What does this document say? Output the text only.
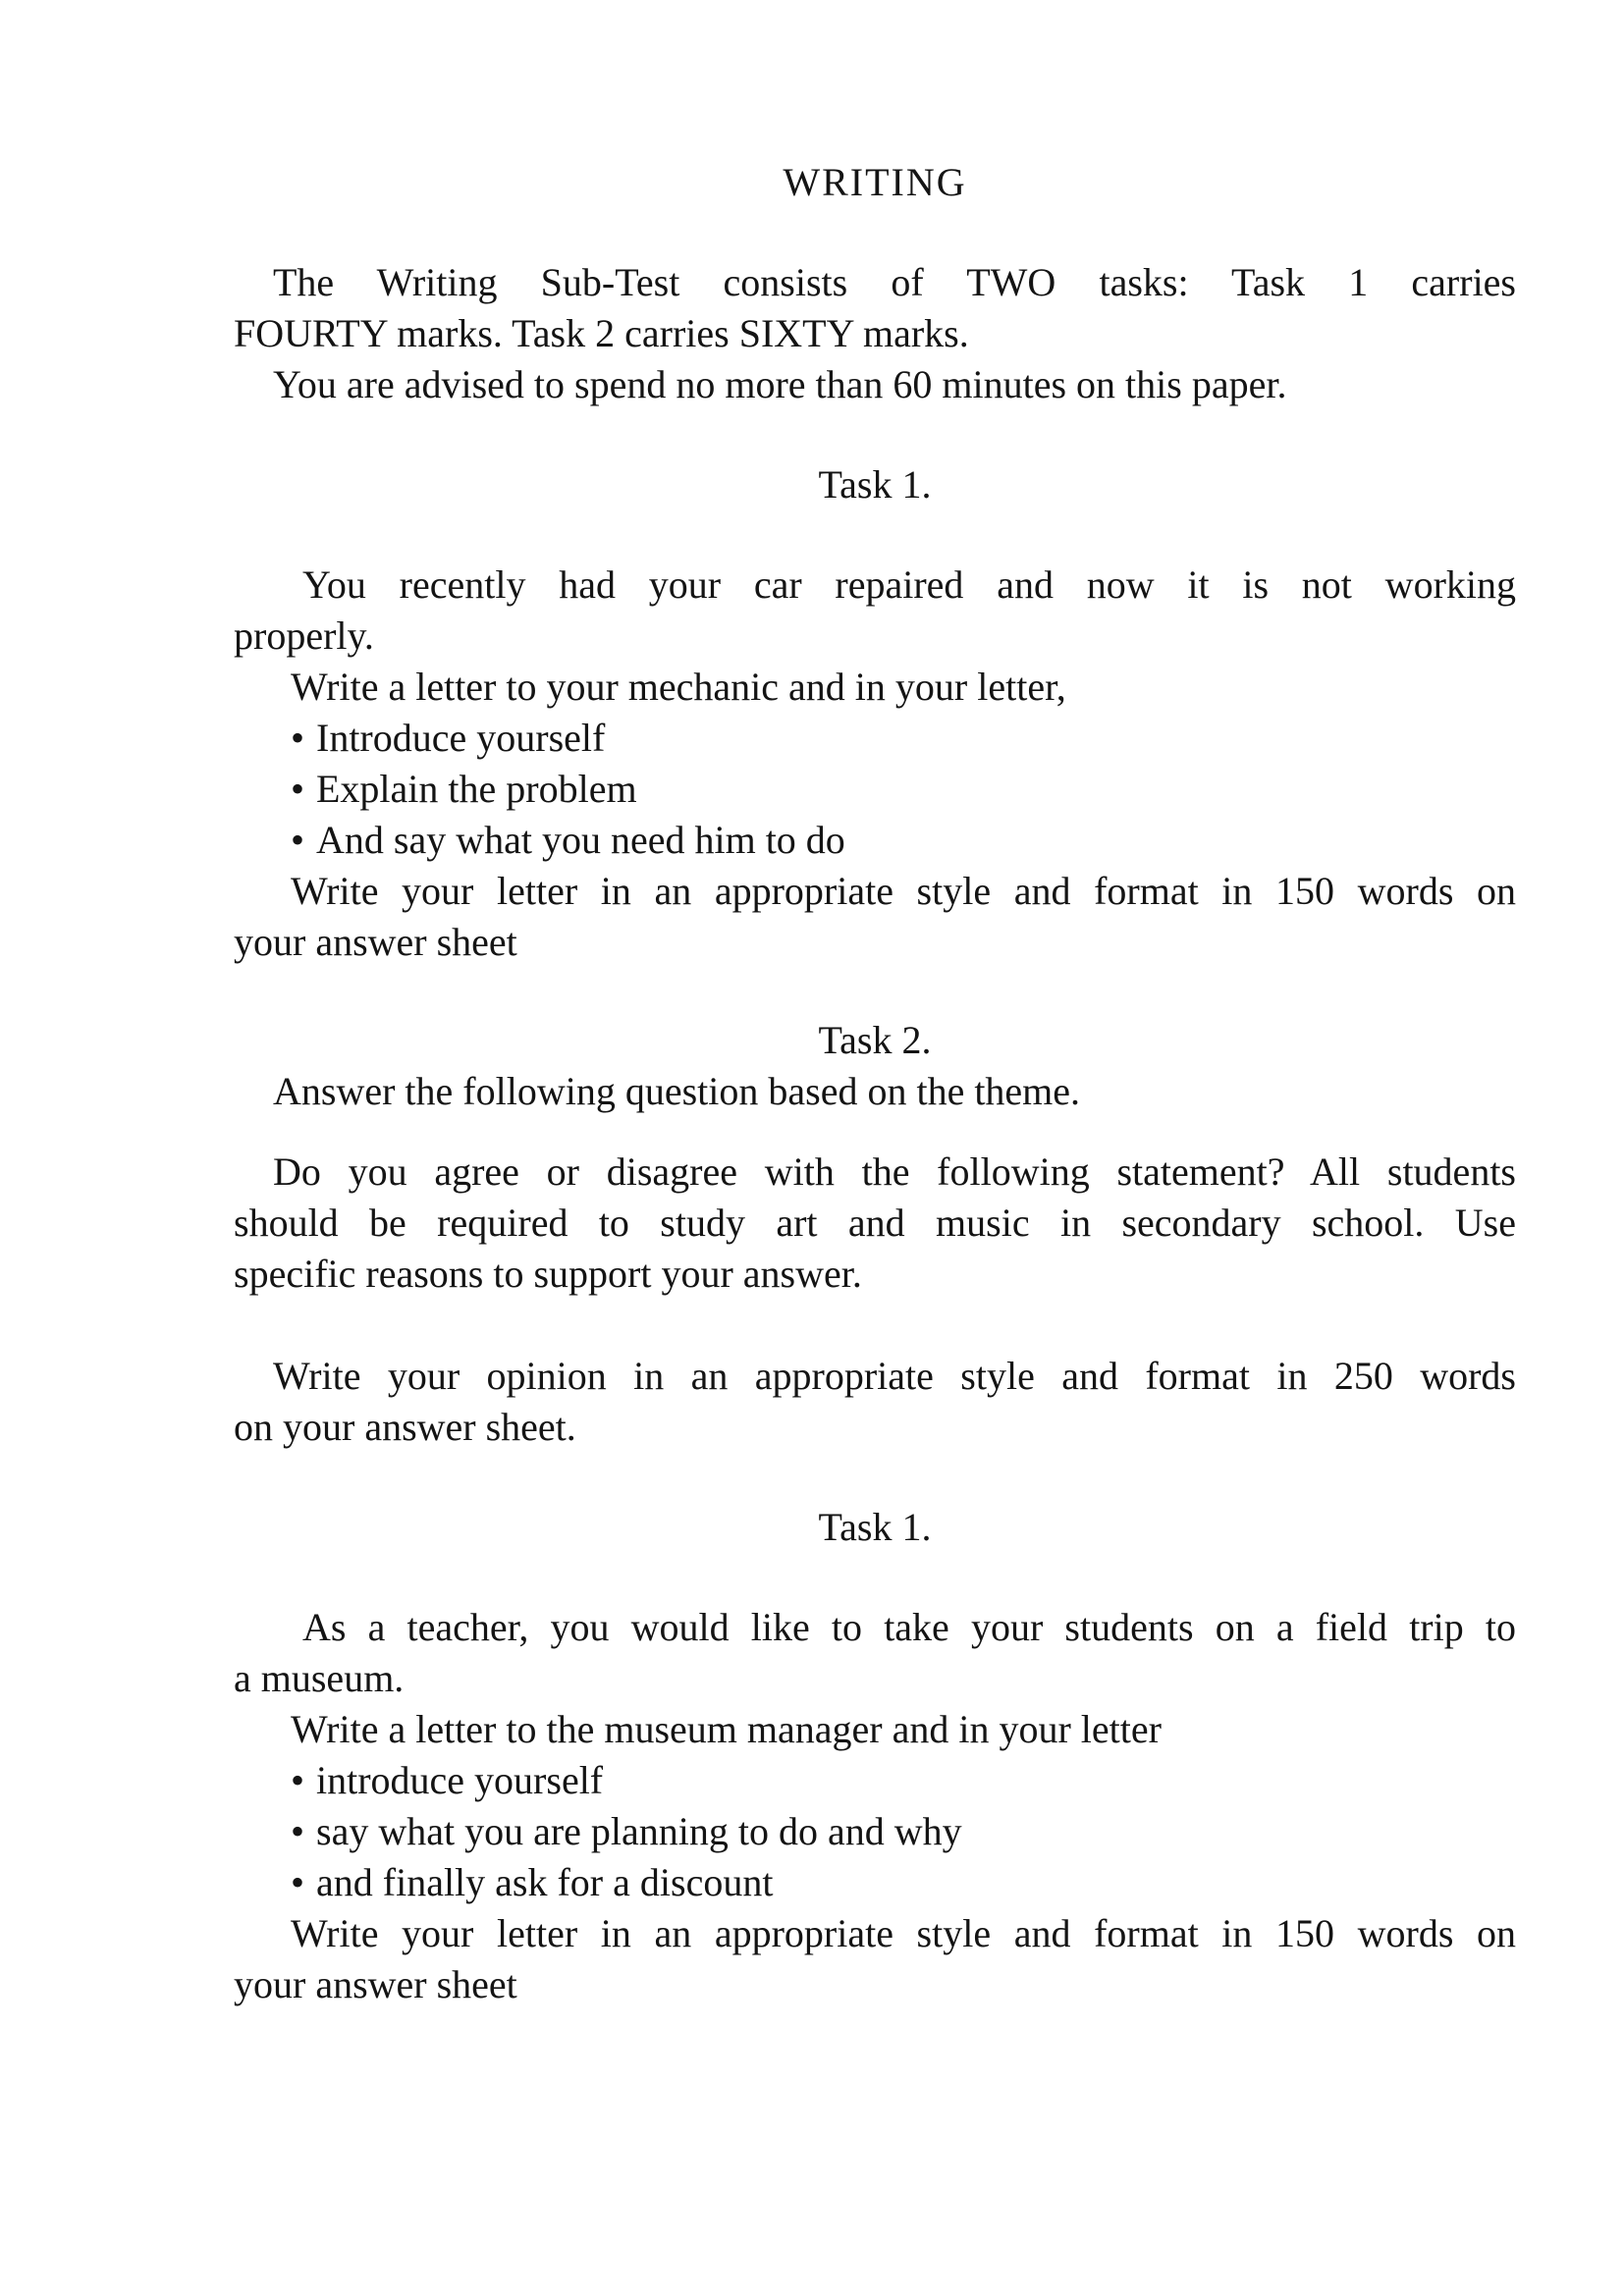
WRITING
The Writing Sub-Test consists of TWO tasks: Task 1 carries
FOURTY marks. Task 2 carries SIXTY marks.
You are advised to spend no more than 60 minutes on this paper.
Task 1.
You recently had your car repaired and now it is not working
properly.
Write a letter to your mechanic and in your letter,
• Introduce yourself
• Explain the problem
• And say what you need him to do
Write your letter in an appropriate style and format in 150 words on
your answer sheet
Task 2.
Answer the following question based on the theme.
Do you agree or disagree with the following statement? All students
should be required to study art and music in secondary school. Use
specific reasons to support your answer.
Write your opinion in an appropriate style and format in 250 words
on your answer sheet.
Task 1.
As a teacher, you would like to take your students on a field trip to
a museum.
Write a letter to the museum manager and in your letter
• introduce yourself
• say what you are planning to do and why
• and finally ask for a discount
Write your letter in an appropriate style and format in 150 words on
your answer sheet
